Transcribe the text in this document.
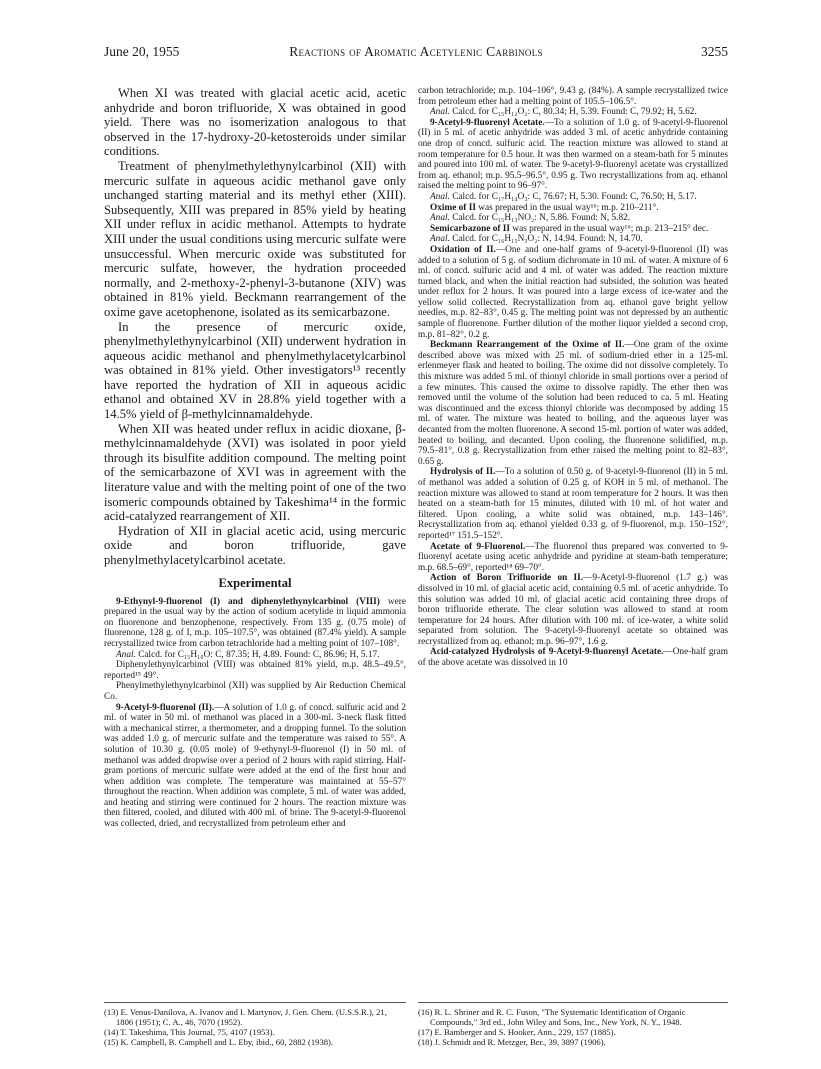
June 20, 1955	Reactions of Aromatic Acetylenic Carbinols	3255

When XI was treated with glacial acetic acid, acetic anhydride and boron trifluoride, X was obtained in good yield. There was no isomerization analogous to that observed in the 17-hydroxy-20-ketosteroids under similar conditions.

Treatment of phenylmethylethynylcarbinol (XII) with mercuric sulfate in aqueous acidic methanol gave only unchanged starting material and its methyl ether (XIII). Subsequently, XIII was prepared in 85% yield by heating XII under reflux in acidic methanol. Attempts to hydrate XIII under the usual conditions using mercuric sulfate were unsuccessful. When mercuric oxide was substituted for mercuric sulfate, however, the hydration proceeded normally, and 2-methoxy-2-phenyl-3-butanone (XIV) was obtained in 81% yield. Beckmann rearrangement of the oxime gave acetophenone, isolated as its semicarbazone.

In the presence of mercuric oxide, phenylmethylethynylcarbinol (XII) underwent hydration in aqueous acidic methanol and phenylmethylacetylcarbinol was obtained in 81% yield. Other investigators¹³ recently have reported the hydration of XII in aqueous acidic ethanol and obtained XV in 28.8% yield together with a 14.5% yield of β-methylcinnamaldehyde.

When XII was heated under reflux in acidic dioxane, β-methylcinnamaldehyde (XVI) was isolated in poor yield through its bisulfite addition compound. The melting point of the semicarbazone of XVI was in agreement with the literature value and with the melting point of one of the two isomeric compounds obtained by Takeshima¹⁴ in the formic acid-catalyzed rearrangement of XII.

Hydration of XII in glacial acetic acid, using mercuric oxide and boron trifluoride, gave phenylmethylacetylcarbinol acetate.

Experimental

9-Ethynyl-9-fluorenol (I) and diphenylethynylcarbinol (VIII) were prepared in the usual way by the action of sodium acetylide in liquid ammonia on fluorenone and benzophenone, respectively. From 135 g. (0.75 mole) of fluorenone, 128 g. of I, m.p. 105–107.5°, was obtained (87.4% yield). A sample recrystallized twice from carbon tetrachloride had a melting point of 107–108°.

Anal. Calcd. for C₁₅H₁₀O: C, 87.35; H, 4.89. Found: C, 86.96; H, 5.17.

Diphenylethynylcarbinol (VIII) was obtained 81% yield, m.p. 48.5–49.5°, reported¹⁵ 49°.

Phenylmethylethynylcarbinol (XII) was supplied by Air Reduction Chemical Co.

9-Acetyl-9-fluorenol (II).—A solution of 1.0 g. of concd. sulfuric acid and 2 ml. of water in 50 ml. of methanol was placed in a 300-ml. 3-neck flask fitted with a mechanical stirrer, a thermometer, and a dropping funnel. To the solution was added 1.0 g. of mercuric sulfate and the temperature was raised to 55°. A solution of 10.30 g. (0.05 mole) of 9-ethynyl-9-fluorenol (I) in 50 ml. of methanol was added dropwise over a period of 2 hours with rapid stirring. Half-gram portions of mercuric sulfate were added at the end of the first hour and when addition was complete. The temperature was maintained at 55–57° throughout the reaction. When addition was complete, 5 ml. of water was added, and heating and stirring were continued for 2 hours. The reaction mixture was then filtered, cooled, and diluted with 400 ml. of brine. The 9-acetyl-9-fluorenol was collected, dried, and recrystallized from petroleum ether and

carbon tetrachloride; m.p. 104–106°, 9.43 g. (84%). A sample recrystallized twice from petroleum ether had a melting point of 105.5–106.5°.

Anal. Calcd. for C₁₅H₁₂O₂: C, 80.34; H, 5.39. Found: C, 79.92; H, 5.62.

9-Acetyl-9-fluorenyl Acetate.—To a solution of 1.0 g. of 9-acetyl-9-fluorenol (II) in 5 ml. of acetic anhydride was added 3 ml. of acetic anhydride containing one drop of concd. sulfuric acid. The reaction mixture was allowed to stand at room temperature for 0.5 hour. It was then warmed on a steam-bath for 5 minutes and poured into 100 ml. of water. The 9-acetyl-9-fluorenyl acetate was crystallized from aq. ethanol; m.p. 95.5–96.5°, 0.95 g. Two recrystallizations from aq. ethanol raised the melting point to 96–97°.

Anal. Calcd. for C₁₇H₁₄O₃: C, 76.67; H, 5.30. Found: C, 76.50; H, 5.17.

Oxime of II was prepared in the usual way¹⁶; m.p. 210–211°.

Anal. Calcd. for C₁₅H₁₃NO₂: N, 5.86. Found: N, 5.82.

Semicarbazone of II was prepared in the usual way¹⁶; m.p. 213–215° dec.

Anal. Calcd. for C₁₆H₁₅N₃O₂: N, 14.94. Found: N, 14.70.

Oxidation of II.—One and one-half grams of 9-acetyl-9-fluorenol (II) was added to a solution of 5 g. of sodium dichromate in 10 ml. of water. A mixture of 6 ml. of concd. sulfuric acid and 4 ml. of water was added. The reaction mixture turned black, and when the initial reaction had subsided, the solution was heated under reflux for 2 hours. It was poured into a large excess of ice-water and the yellow solid collected. Recrystallization from aq. ethanol gave bright yellow needles, m.p. 82–83°, 0.45 g. The melting point was not depressed by an authentic sample of fluorenone. Further dilution of the mother liquor yielded a second crop, m.p. 81–82°, 0.2 g.

Beckmann Rearrangement of the Oxime of II.—One gram of the oxime described above was mixed with 25 ml. of sodium-dried ether in a 125-ml. erlenmeyer flask and heated to boiling. The oxime did not dissolve completely. To this mixture was added 5 ml. of thionyl chloride in small portions over a period of a few minutes. This caused the oxime to dissolve rapidly. The ether then was removed until the volume of the solution had been reduced to ca. 5 ml. Heating was discontinued and the excess thionyl chloride was decomposed by adding 15 ml. of water. The mixture was heated to boiling, and the aqueous layer was decanted from the molten fluorenone. A second 15-ml. portion of water was added, heated to boiling, and decanted. Upon cooling, the fluorenone solidified, m.p. 79.5–81°, 0.8 g. Recrystallization from ether raised the melting point to 82–83°, 0.65 g.

Hydrolysis of II.—To a solution of 0.50 g. of 9-acetyl-9-fluorenol (II) in 5 ml. of methanol was added a solution of 0.25 g. of KOH in 5 ml. of methanol. The reaction mixture was allowed to stand at room temperature for 2 hours. It was then heated on a steam-bath for 15 minutes, diluted with 10 ml. of hot water and filtered. Upon cooling, a white solid was obtained, m.p. 143–146°. Recrystallization from aq. ethanol yielded 0.33 g. of 9-fluorenol, m.p. 150–152°, reported¹⁷ 151.5–152°.

Acetate of 9-Fluorenol.—The fluorenol thus prepared was converted to 9-fluorenyl acetate using acetic anhydride and pyridine at steam-bath temperature; m.p. 68.5–69°, reported¹⁸ 69–70°.

Action of Boron Trifluoride on II.—9-Acetyl-9-fluorenol (1.7 g.) was dissolved in 10 ml. of glacial acetic acid, containing 0.5 ml. of acetic anhydride. To this solution was added 10 ml. of glacial acetic acid containing three drops of boron trifluoride etherate. The clear solution was allowed to stand at room temperature for 24 hours. After dilution with 100 ml. of ice-water, a white solid separated from solution. The 9-acetyl-9-fluorenyl acetate so obtained was recrystallized from aq. ethanol; m.p. 96–97°, 1.6 g.

Acid-catalyzed Hydrolysis of 9-Acetyl-9-fluorenyl Acetate.—One-half gram of the above acetate was dissolved in 10

(13) E. Venus-Danilova, A. Ivanov and I. Martynov, J. Gen. Chem. (U.S.S.R.), 21, 1806 (1951); C. A., 46, 7070 (1952).

(14) T. Takeshima, This Journal, 75, 4107 (1953).

(15) K. Campbell, B. Campbell and L. Eby, ibid., 60, 2882 (1938).

(16) R. L. Shriner and R. C. Fuson, "The Systematic Identification of Organic Compounds," 3rd ed., John Wiley and Sons, Inc., New York, N. Y., 1948.

(17) E. Bamberger and S. Hooker, Ann., 229, 157 (1885).

(18) J. Schmidt and R. Metzger, Ber., 39, 3897 (1906).
